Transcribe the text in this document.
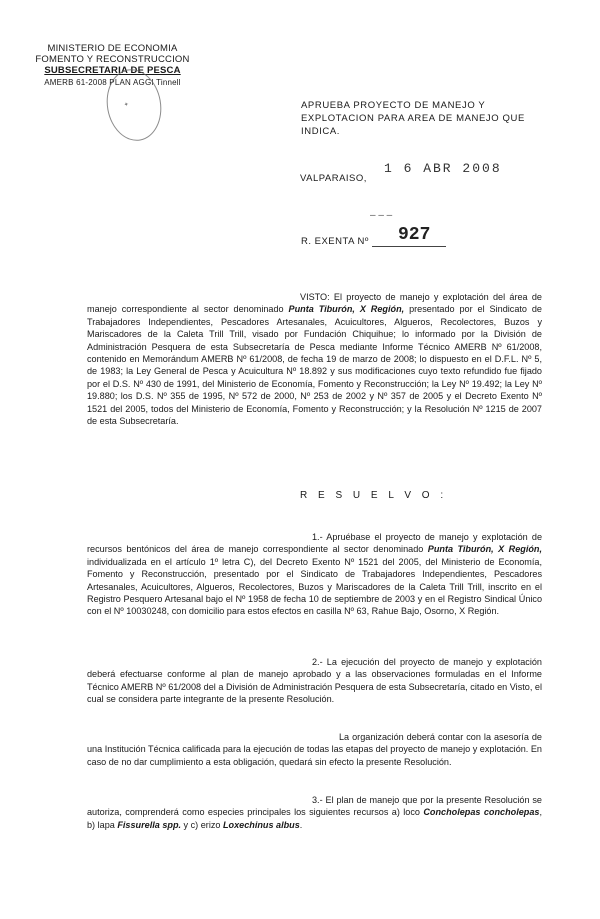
MINISTERIO DE ECONOMIA
FOMENTO Y RECONSTRUCCION
SUBSECRETARIA DE PESCA
AMERB 61-2008 PLAN AGGI Tinnell
✦	APRUEBA PROYECTO DE MANEJO Y EXPLOTACION PARA AREA DE MANEJO QUE INDICA.
1 6 ABR 2008
VALPARAISO,
– – –
927
R. EXENTA Nº
VISTO: El proyecto de manejo y explotación del área de manejo correspondiente al sector denominado Punta Tiburón, X Región, presentado por el Sindicato de Trabajadores Independientes, Pescadores Artesanales, Acuicultores, Algueros, Recolectores, Buzos y Mariscadores de la Caleta Trill Trill, visado por Fundación Chiquihue; lo informado por la División de Administración Pesquera de esta Subsecretaría de Pesca mediante Informe Técnico AMERB Nº 61/2008, contenido en Memorándum AMERB Nº 61/2008, de fecha 19 de marzo de 2008; lo dispuesto en el D.F.L. Nº 5, de 1983; la Ley General de Pesca y Acuicultura Nº 18.892 y sus modificaciones cuyo texto refundido fue fijado por el D.S. Nº 430 de 1991, del Ministerio de Economía, Fomento y Reconstrucción; la Ley Nº 19.492; la Ley Nº 19.880; los D.S. Nº 355 de 1995, Nº 572 de 2000, Nº 253 de 2002 y Nº 357 de 2005 y el Decreto Exento Nº 1521 del 2005, todos del Ministerio de Economía, Fomento y Reconstrucción; y la Resolución Nº 1215 de 2007 de esta Subsecretaría.
R E S U E L V O :
1.- Apruébase el proyecto de manejo y explotación de recursos bentónicos del área de manejo correspondiente al sector denominado Punta Tiburón, X Región, individualizada en el artículo 1º letra C), del Decreto Exento Nº 1521 del 2005, del Ministerio de Economía, Fomento y Reconstrucción, presentado por el Sindicato de Trabajadores Independientes, Pescadores Artesanales, Acuicultores, Algueros, Recolectores, Buzos y Mariscadores de la Caleta Trill Trill, inscrito en el Registro Pesquero Artesanal bajo el Nº 1958 de fecha 10 de septiembre de 2003 y en el Registro Sindical Único con el Nº 10030248, con domicilio para estos efectos en casilla Nº 63, Rahue Bajo, Osorno, X Región.
2.- La ejecución del proyecto de manejo y explotación deberá efectuarse conforme al plan de manejo aprobado y a las observaciones formuladas en el Informe Técnico AMERB Nº 61/2008 del a División de Administración Pesquera de esta Subsecretaría, citado en Visto, el cual se considera parte integrante de la presente Resolución.
La organización deberá contar con la asesoría de una Institución Técnica calificada para la ejecución de todas las etapas del proyecto de manejo y explotación. En caso de no dar cumplimiento a esta obligación, quedará sin efecto la presente Resolución.
3.- El plan de manejo que por la presente Resolución se autoriza, comprenderá como especies principales los siguientes recursos a) loco Concholepas concholepas, b) lapa Fissurella spp. y c) erizo Loxechinus albus.
